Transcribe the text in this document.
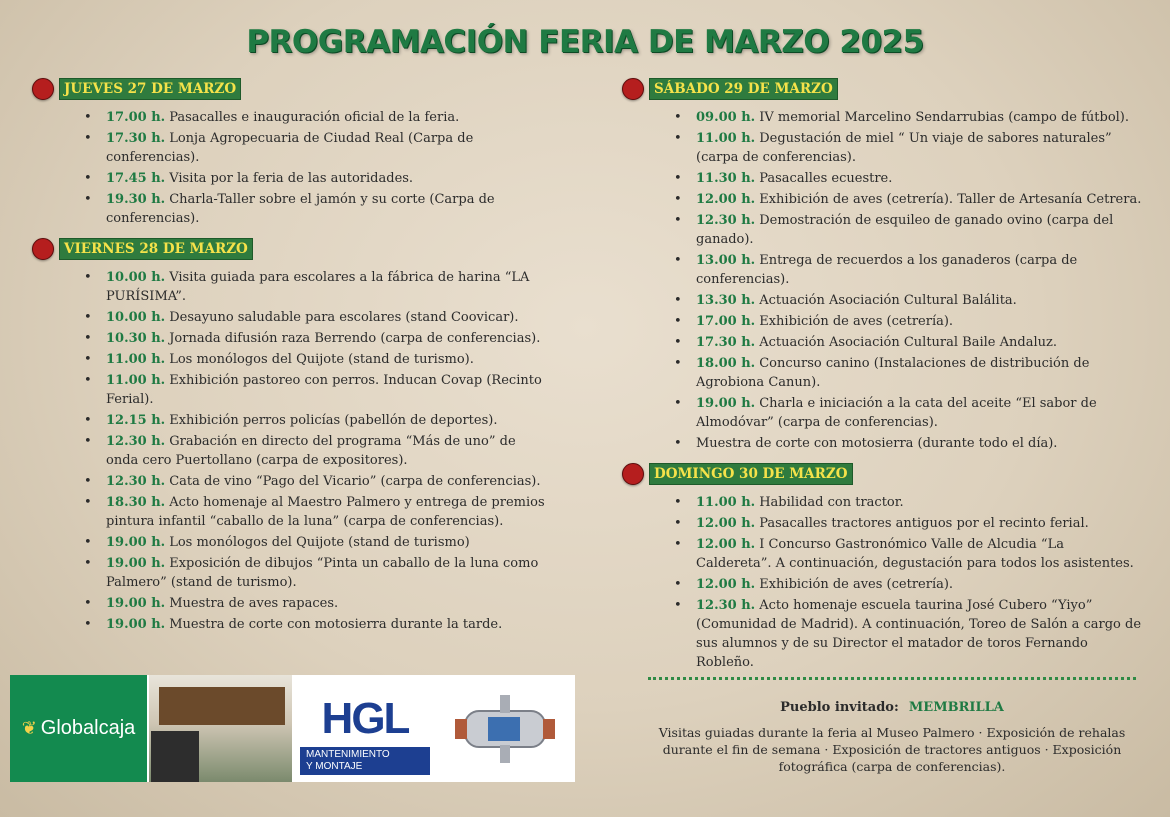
PROGRAMACIÓN FERIA DE MARZO 2025
JUEVES 27 DE MARZO
• 17.00 h. Pasacalles e inauguración oficial de la feria.
• 17.30 h. Lonja Agropecuaria de Ciudad Real (Carpa de conferencias).
• 17.45 h. Visita por la feria de las autoridades.
• 19.30 h. Charla-Taller sobre el jamón y su corte (Carpa de conferencias).
VIERNES 28 DE MARZO
• 10.00 h. Visita guiada para escolares a la fábrica de harina “LA PURÍSIMA”.
• 10.00 h. Desayuno saludable para escolares (stand Coovicar).
• 10.30 h. Jornada difusión raza Berrendo (carpa de conferencias).
• 11.00 h. Los monólogos del Quijote (stand de turismo).
• 11.00 h. Exhibición pastoreo con perros. Inducan Covap (Recinto Ferial).
• 12.15 h. Exhibición perros policías (pabellón de deportes).
• 12.30 h. Grabación en directo del programa “Más de uno” de onda cero Puertollano (carpa de expositores).
• 12.30 h. Cata de vino “Pago del Vicario” (carpa de conferencias).
• 18.30 h. Acto homenaje al Maestro Palmero y entrega de premios pintura infantil “caballo de la luna” (carpa de conferencias).
• 19.00 h. Los monólogos del Quijote (stand de turismo)
• 19.00 h. Exposición de dibujos “Pinta un caballo de la luna como Palmero” (stand de turismo).
• 19.00 h. Muestra de aves rapaces.
• 19.00 h. Muestra de corte con motosierra durante la tarde.
SÁBADO 29 DE MARZO
• 09.00 h. IV memorial Marcelino Sendarrubias (campo de fútbol).
• 11.00 h. Degustación de miel “ Un viaje de sabores naturales” (carpa de conferencias).
• 11.30 h. Pasacalles ecuestre.
• 12.00 h. Exhibición de aves (cetrería). Taller de Artesanía Cetrera.
• 12.30 h. Demostración de esquileo de ganado ovino (carpa del ganado).
• 13.00 h. Entrega de recuerdos a los ganaderos (carpa de conferencias).
• 13.30 h. Actuación Asociación Cultural Balálita.
• 17.00 h. Exhibición de aves (cetrería).
• 17.30 h. Actuación Asociación Cultural Baile Andaluz.
• 18.00 h. Concurso canino (Instalaciones de distribución de Agrobiona Canun).
• 19.00 h. Charla e iniciación a la cata del aceite “El sabor de Almodóvar” (carpa de conferencias).
• Muestra de corte con motosierra (durante todo el día).
DOMINGO 30 DE MARZO
• 11.00 h. Habilidad con tractor.
• 12.00 h. Pasacalles tractores antiguos por el recinto ferial.
• 12.00 h. I Concurso Gastronómico Valle de Alcudia “La Caldereta”. A continuación, degustación para todos los asistentes.
• 12.00 h. Exhibición de aves (cetrería).
• 12.30 h. Acto homenaje escuela taurina José Cubero “Yiyo” (Comunidad de Madrid). A continuación, Toreo de Salón a cargo de sus alumnos y de su Director el matador de toros Fernando Robleño.
Pueblo invitado: MEMBRILLA
Visitas guiadas durante la feria al Museo Palmero · Exposición de rehalas durante el fin de semana · Exposición de tractores antiguos · Exposición fotográfica (carpa de conferencias).
❦ Globalcaja	HGL
MANTENIMIENTO
Y MONTAJE
